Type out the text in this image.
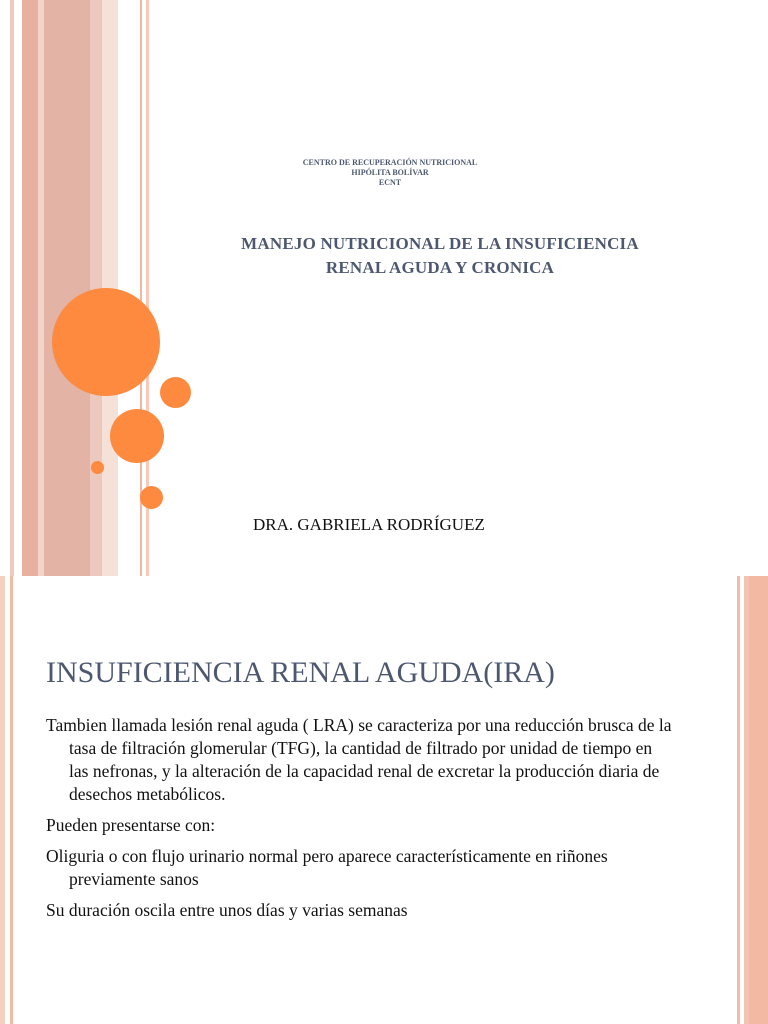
CENTRO DE RECUPERACIÓN NUTRICIONAL
HIPÓLITA BOLÍVAR
ECNT
MANEJO NUTRICIONAL DE LA INSUFICIENCIA
RENAL AGUDA Y CRONICA

DRA. GABRIELA RODRÍGUEZ

INSUFICIENCIA RENAL AGUDA(IRA)
Tambien llamada lesión renal aguda ( LRA) se caracteriza por una reducción brusca de la tasa de filtración glomerular (TFG), la cantidad de filtrado por unidad de tiempo en las nefronas, y la alteración de la capacidad renal de excretar la producción diaria de desechos metabólicos.
Pueden presentarse con:
Oliguria o con flujo urinario normal pero aparece característicamente en riñones previamente sanos
Su duración oscila entre unos días y varias semanas
